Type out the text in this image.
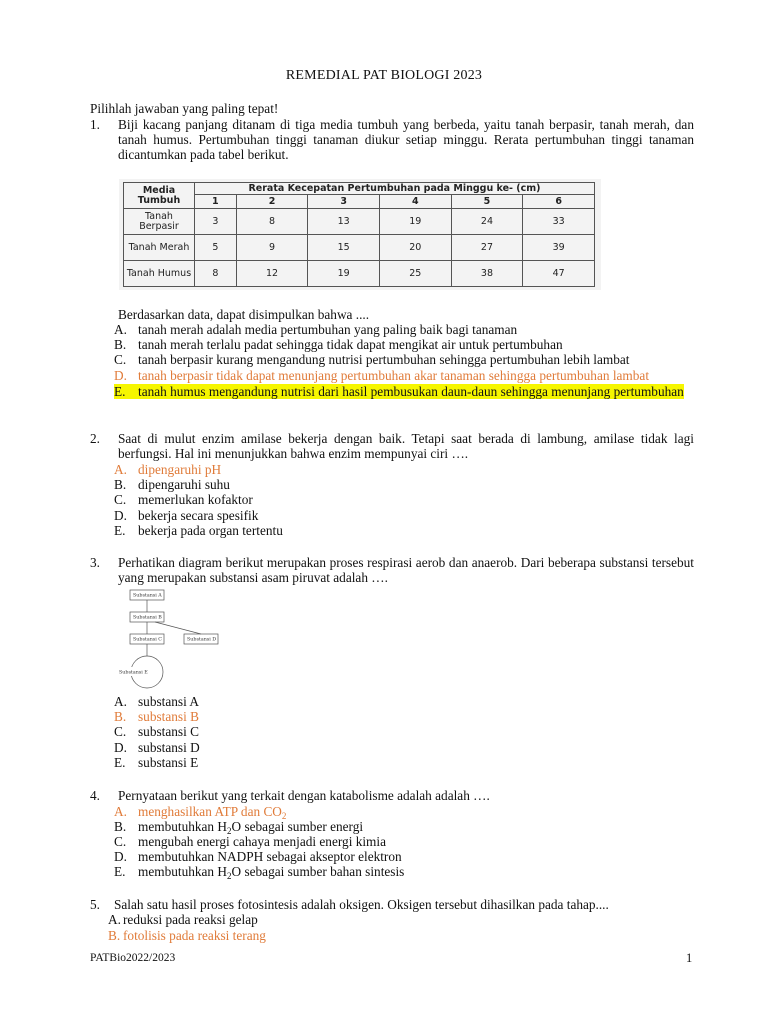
REMEDIAL PAT BIOLOGI 2023
Pilihlah jawaban yang paling tepat!
1. Biji kacang panjang ditanam di tiga media tumbuh yang berbeda, yaitu tanah berpasir, tanah merah, dan tanah humus. Pertumbuhan tinggi tanaman diukur setiap minggu. Rerata pertumbuhan tinggi tanaman dicantumkan pada tabel berikut.
Media Tumbuh	Rerata Kecepatan Pertumbuhan pada Minggu ke- (cm)					
	1	2	3	4	5	6
Tanah Berpasir	3	8	13	19	24	33
Tanah Merah	5	9	15	20	27	39
Tanah Humus	8	12	19	25	38	47
Berdasarkan data, dapat disimpulkan bahwa ....
A. tanah merah adalah media pertumbuhan yang paling baik bagi tanaman
B. tanah merah terlalu padat sehingga tidak dapat mengikat air untuk pertumbuhan
C. tanah berpasir kurang mengandung nutrisi pertumbuhan sehingga pertumbuhan lebih lambat
D. tanah berpasir tidak dapat menunjang pertumbuhan akar tanaman sehingga pertumbuhan lambat
E. tanah humus mengandung nutrisi dari hasil pembusukan daun-daun sehingga menunjang pertumbuhan
2. Saat di mulut enzim amilase bekerja dengan baik. Tetapi saat berada di lambung, amilase tidak lagi berfungsi. Hal ini menunjukkan bahwa enzim mempunyai ciri ….
A. dipengaruhi pH
B. dipengaruhi suhu
C. memerlukan kofaktor
D. bekerja secara spesifik
E. bekerja pada organ tertentu
3. Perhatikan diagram berikut merupakan proses respirasi aerob dan anaerob. Dari beberapa substansi tersebut yang merupakan substansi asam piruvat adalah ….
Substansi A
Substansi B
Substansi C	Substansi D
Substansi E
A. substansi A
B. substansi B
C. substansi C
D. substansi D
E. substansi E
4. Pernyataan berikut yang terkait dengan katabolisme adalah adalah ….
A. menghasilkan ATP dan $CO_2$
B. membutuhkan $H_2O$ sebagai sumber energi
C. mengubah energi cahaya menjadi energi kimia
D. membutuhkan NADPH sebagai akseptor elektron
E. membutuhkan $H_2O$ sebagai sumber bahan sintesis
5. Salah satu hasil proses fotosintesis adalah oksigen. Oksigen tersebut dihasilkan pada tahap....
A. reduksi pada reaksi gelap
B. fotolisis pada reaksi terang
PATBio2022/2023	1
